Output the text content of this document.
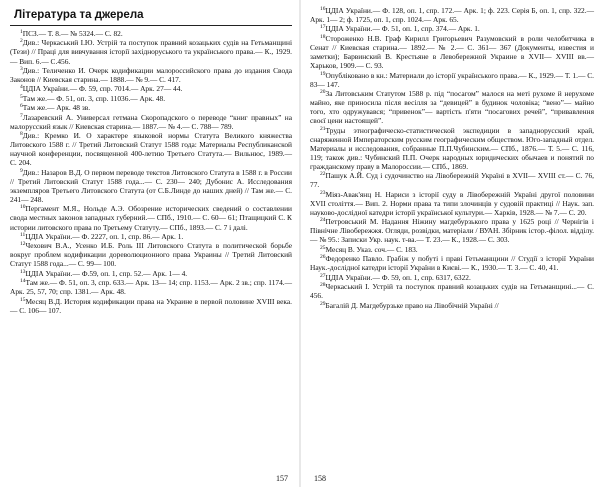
Література та джерела

$^1$ПСЗ.— Т. 8.— № 5324.— С. 82.

$^2$Див.: Черкаський І.Ю. Устрій та поступок правний козацьких судів на Гетьманщині (Тези) // Праці для вивчування історії західноруського та українського права.— К., 1929.— Вип. 6.— С.456.

$^3$Див.: Теличенко И. Очерк кодификации малороссийского права до издания Свода Законов // Киевская старина.— 1888.— № 9.— С. 417.

$^4$ЦДІА України.— Ф. 59, спр. 7014.— Арк. 27— 44.

$^5$Там же.— Ф. 51, оп. 3, спр. 11036.— Арк. 48.

$^6$Там же.— Арк. 48 зв.

$^7$Лазаревский А. Универсал гетмана Скоропадского о переводе “книг правных” на малорусский язык // Киевская старина.— 1887.— № 4.— С. 788— 789.

$^8$Див.: Кремко И. О характере языковой нормы Статута Великого княжества Литовского 1588 г. // Третий Литовский Статут 1588 года: Материалы Республиканской научной конференции, посвященной 400-летию Третьего Статута.— Вильнюс, 1989.— С. 204.

$^9$Див.: Назаров В.Д. О первом переводе текстов Литовского Статута в 1588 г. в России // Третий Литовский Статут 1588 года...— С. 230— 240; Дубонис А. Исследования экземпляров Третьего Литовского Статута (от С.Б.Линде до наших дней) // Там же.— С. 241— 248.

$^{10}$Пергамент М.Я., Нольде А.Э. Обозрение исторических сведений о составлении свода местных законов западных губерний.— СПб., 1910.— С. 60— 61; Птащицкий С. К истории литовского права по Третьему Статуту.— СПб., 1893.— С. 7 і далі.

$^{11}$ЦДІА України.— Ф. 2227, оп. 1, спр. 86.— Арк. 1.

$^{12}$Чехович В.А., Усенко И.Б. Роль III Литовского Статута в политической борьбе вокруг проблем кодификации дореволюционного права Украины // Третий Литовский Статут 1588 года...— С. 99— 100.

$^{13}$ЦДІА України.— Ф.59, оп. 1, спр. 52.— Арк. 1— 4.

$^{14}$Там же.— Ф. 51, оп. 3, спр. 633.— Арк. 13— 14; спр. 1153.— Арк. 2 зв.; спр. 1174.— Арк. 25, 57, 70; спр. 1381.— Арк. 48.

$^{15}$Месяц В.Д. История кодификации права на Украине в первой половине XVIII века.— С. 106— 107.

157

$^{16}$ЦДІА України.— Ф. 128, оп. 1, спр. 172.— Арк. 1; ф. 223. Серія Б, оп. 1, спр. 322.— Арк. 1— 2; ф. 1725, оп. 1, спр. 1024.— Арк. 65.

$^{17}$ЦДІА України.— Ф. 51, оп. 1, спр. 374.— Арк. 1.

$^{18}$Стороженко Н.В. Граф Кирилл Григорьевич Разумовский в роли челобитчика в Сенат // Киевская старина.— 1892.— № 2.— С. 361— 367 (Документы, известия и заметки); Барвинский В. Крестьяне в Левобережной Украине в XVII— XVIII вв.— Харьков, 1909.— С. 93.

$^{19}$Опубліковано в кн.: Материали до історії українського права.— К., 1929.— Т. 1.— С. 83— 147.

$^{20}$За Литовським Статутом 1588 р. під “посагом” малося на меті рухоме й нерухоме майно, яке приносила після весілля за “девицей” в будинок чоловіка; “вено”— майно того, хто одружувався; “привенок”— вартість п'яти “посагових речей”, “привавлення своєї цени настоящей”.

$^{21}$Труды этнографическо-статистической экспедиции в западнорусский край, снаряженной Императорским русским географическим обществом. Юго-западный отдел. Материалы и исследования, собранные П.П.Чубинским.— СПб., 1876.— Т. 5.— С. 116, 119; також див.: Чубинский П.П. Очерк народных юридических обычаев и понятий по гражданскому праву в Малороссии.— СПб., 1869.

$^{22}$Пашук А.Й. Суд і судочинство на Лівобережній Україні в XVII— XVIII ст.— С. 76, 77.

$^{23}$Міяз-Авак'янц Н. Нариси з історії суду в Лівобережній Україні другої половини XVII століття.— Вип. 2. Норми права та типи злочинців у судовій практиці // Наук. зап. науково-дослідної катедри історії української культури.— Харків, 1928.— № 7.— С. 20.

$^{24}$Петровський М. Надання Ніжину магдебурзького права у 1625 році // Чернігів і Північне Лівобережжя. Огляди, розвідки, матеріали / ВУАН. Збірник істор.-філол. відділу.— № 95.: Записки Укр. наук. т-ва.— Т. 23.— К., 1928.— С. 303.

$^{25}$Месяц В. Указ. соч.— С. 183.

$^{26}$Федоренко Павло. Грабіж у побуті і праві Гетьманщини // Студії з історії України Наук.-дослідної катедри історії України в Києві.— К., 1930.— Т. 3.— С. 40, 41.

$^{27}$ЦДІА України.— Ф. 59, оп. 1, спр. 6317, 6322.

$^{28}$Черкаський І. Устрій та поступок правний козацьких судів на Гетьманщині...— С. 456.

$^{29}$Багалій Д. Магдебурзьке право на Лівобічній Україні //

158
